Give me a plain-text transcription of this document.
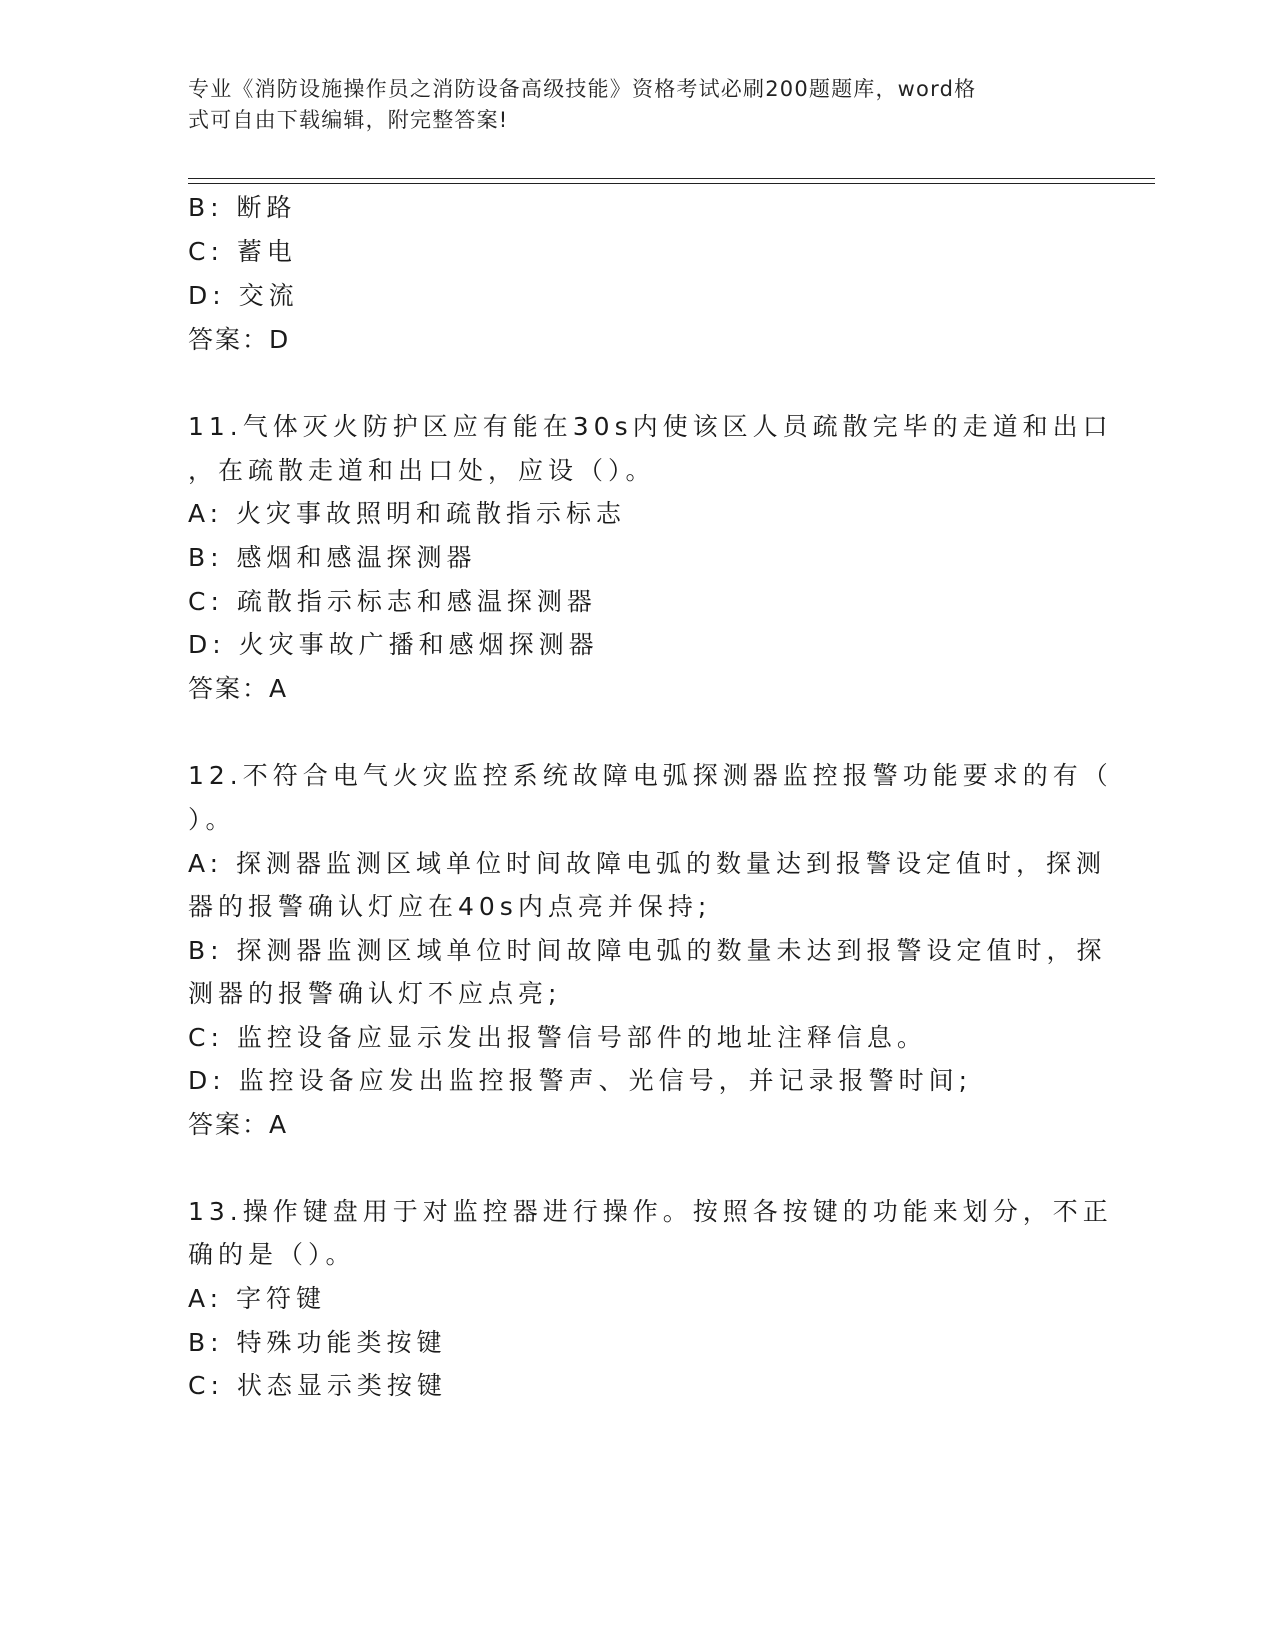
专业《消防设施操作员之消防设备高级技能》资格考试必刷200题题库，word格
式可自由下载编辑，附完整答案!
B: 断路
C: 蓄电
D: 交流
答案：D
11.气体灭火防护区应有能在30s内使该区人员疏散完毕的走道和出口
，在疏散走道和出口处，应设（）。
A: 火灾事故照明和疏散指示标志
B: 感烟和感温探测器
C: 疏散指示标志和感温探测器
D: 火灾事故广播和感烟探测器
答案：A
12.不符合电气火灾监控系统故障电弧探测器监控报警功能要求的有（
）。
A: 探测器监测区域单位时间故障电弧的数量达到报警设定值时，探测
器的报警确认灯应在40s内点亮并保持;
B: 探测器监测区域单位时间故障电弧的数量未达到报警设定值时，探
测器的报警确认灯不应点亮;
C: 监控设备应显示发出报警信号部件的地址注释信息。
D: 监控设备应发出监控报警声、光信号，并记录报警时间;
答案：A
13.操作键盘用于对监控器进行操作。按照各按键的功能来划分，不正
确的是（）。
A: 字符键
B: 特殊功能类按键
C: 状态显示类按键
